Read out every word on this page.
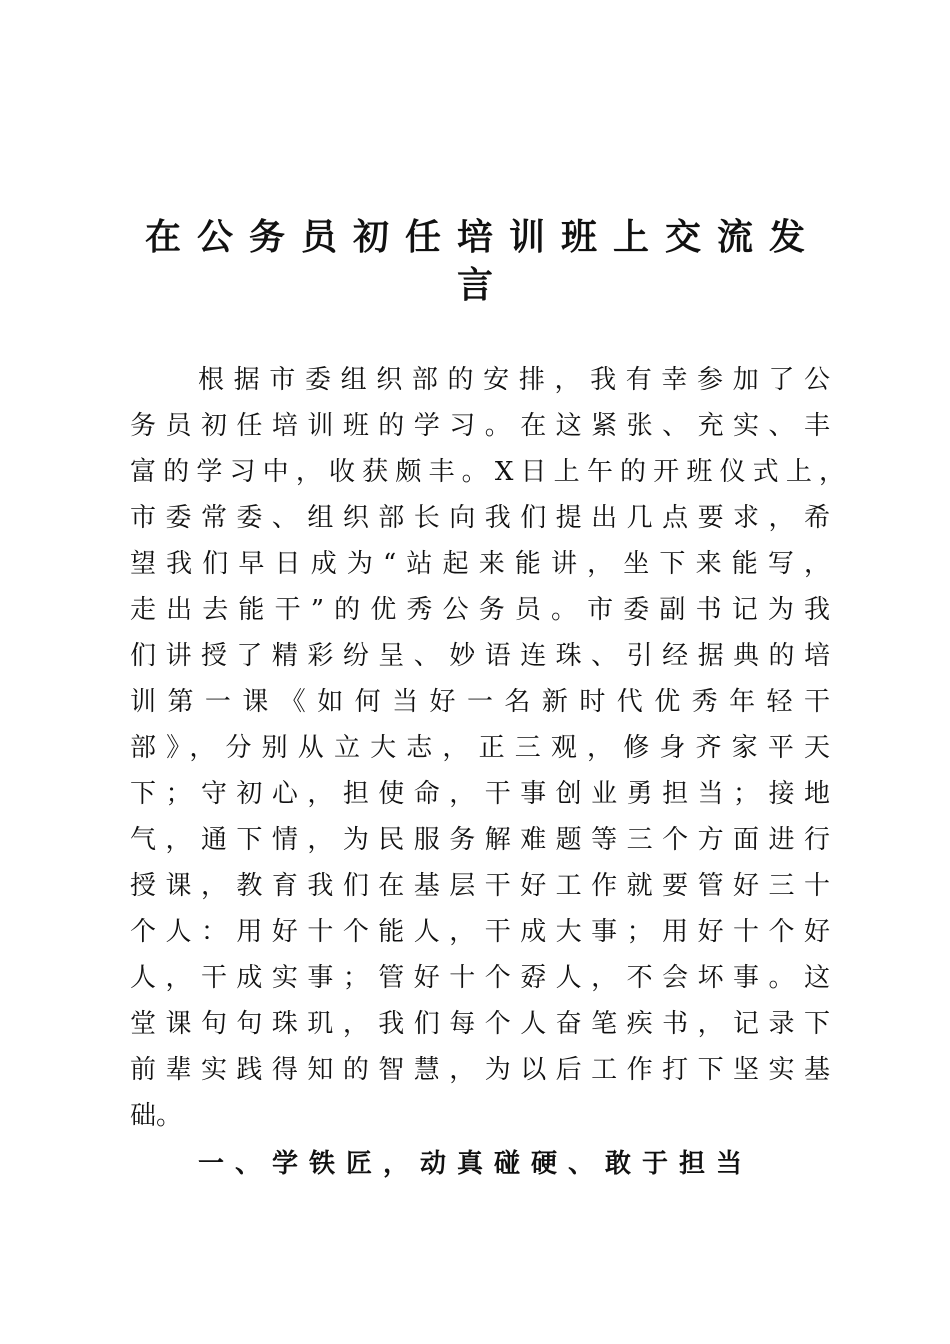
在公务员初任培训班上交流发
言
根据市委组织部的安排，我有幸参加了公
务员初任培训班的学习。在这紧张、充实、丰
富的学习中，收获颇丰。X日上午的开班仪式上，
市委常委、组织部长向我们提出几点要求，希
望我们早日成为“站起来能讲，坐下来能写，
走出去能干”的优秀公务员。市委副书记为我
们讲授了精彩纷呈、妙语连珠、引经据典的培
训第一课《如何当好一名新时代优秀年轻干
部》，分别从立大志，正三观，修身齐家平天
下；守初心，担使命，干事创业勇担当；接地
气，通下情，为民服务解难题等三个方面进行
授课，教育我们在基层干好工作就要管好三十
个人：用好十个能人，干成大事；用好十个好
人，干成实事；管好十个孬人，不会坏事。这
堂课句句珠玑，我们每个人奋笔疾书，记录下
前辈实践得知的智慧，为以后工作打下坚实基
础。
一、学铁匠，动真碰硬、敢于担当
